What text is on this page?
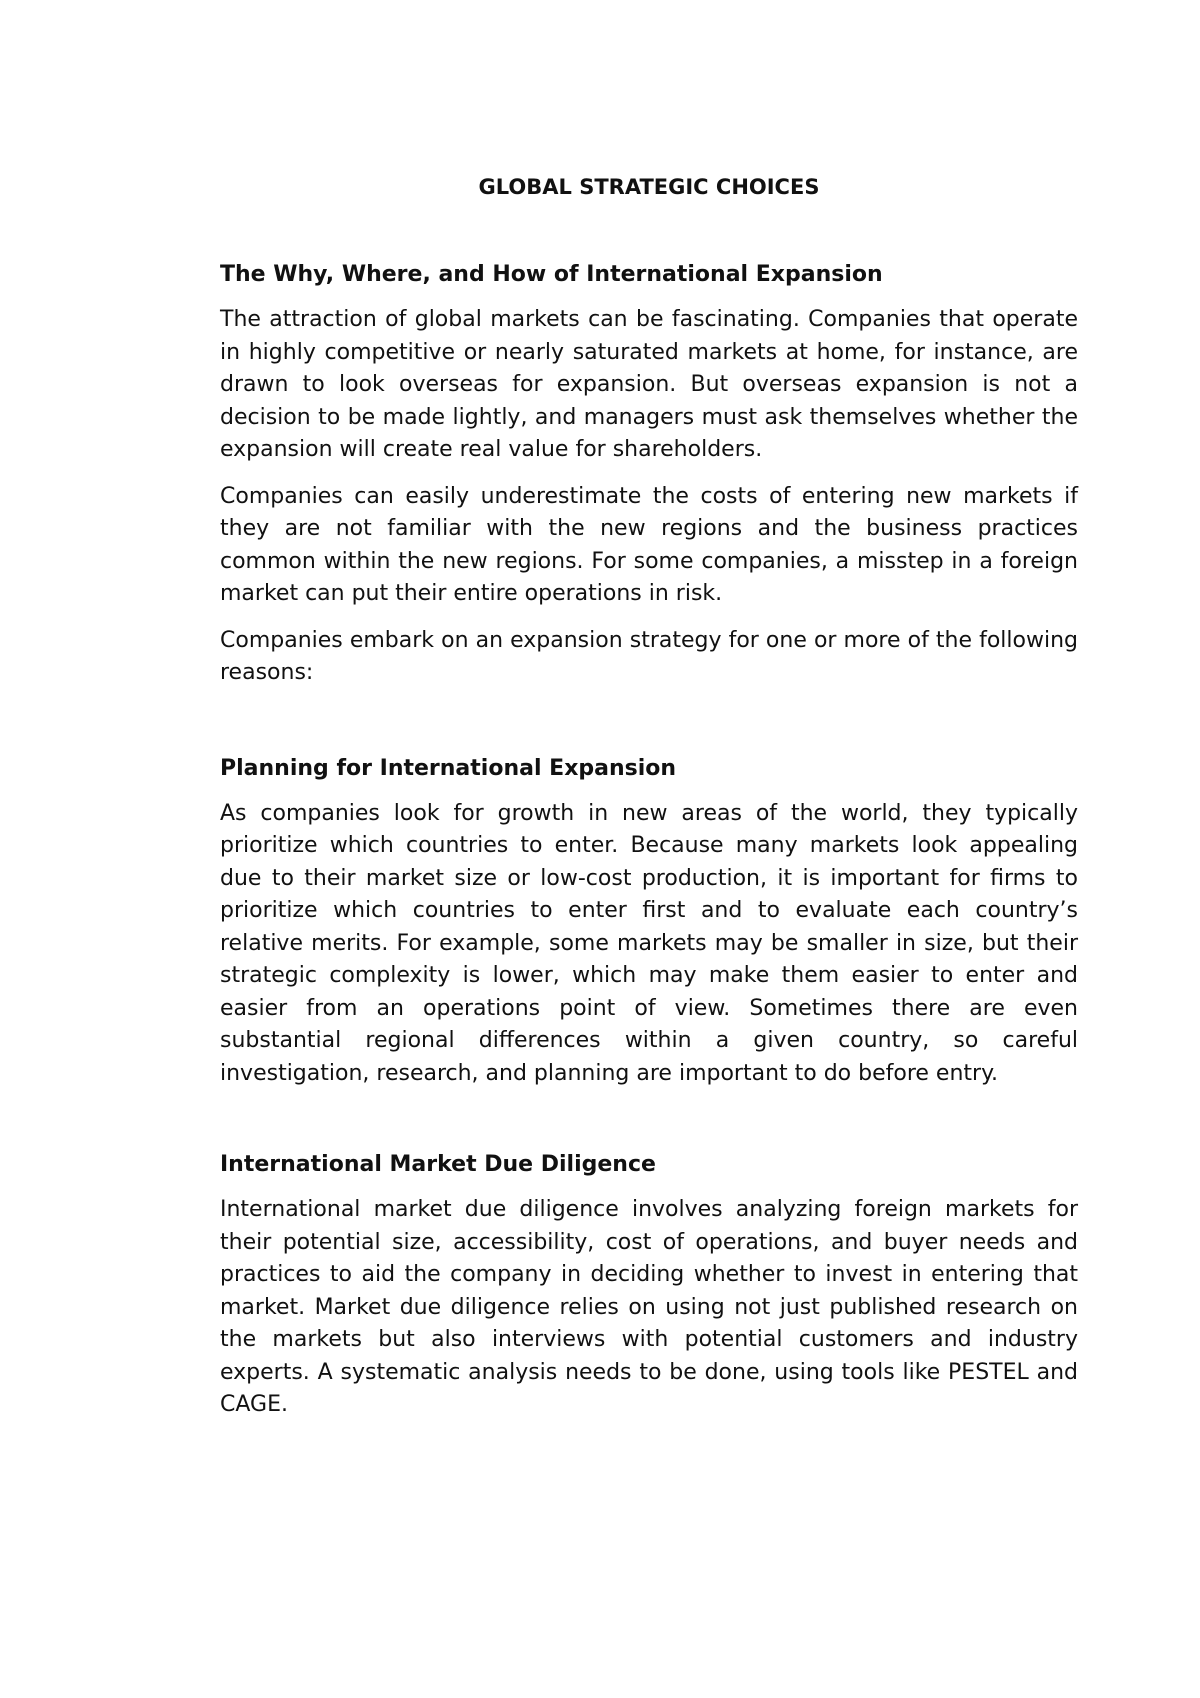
GLOBAL STRATEGIC CHOICES
The Why, Where, and How of International Expansion

The attraction of global markets can be fascinating. Companies that operate in highly competitive or nearly saturated markets at home, for instance, are drawn to look overseas for expansion. But overseas expansion is not a decision to be made lightly, and managers must ask themselves whether the expansion will create real value for shareholders.

Companies can easily underestimate the costs of entering new markets if they are not familiar with the new regions and the business practices common within the new regions. For some companies, a misstep in a foreign market can put their entire operations in risk.

Companies embark on an expansion strategy for one or more of the following reasons:

Planning for International Expansion

As companies look for growth in new areas of the world, they typically prioritize which countries to enter. Because many markets look appealing due to their market size or low-cost production, it is important for firms to prioritize which countries to enter first and to evaluate each country’s relative merits. For example, some markets may be smaller in size, but their strategic complexity is lower, which may make them easier to enter and easier from an operations point of view. Sometimes there are even substantial regional differences within a given country, so careful investigation, research, and planning are important to do before entry.

International Market Due Diligence

International market due diligence involves analyzing foreign markets for their potential size, accessibility, cost of operations, and buyer needs and practices to aid the company in deciding whether to invest in entering that market. Market due diligence relies on using not just published research on the markets but also interviews with potential customers and industry experts. A systematic analysis needs to be done, using tools like PESTEL and CAGE.
